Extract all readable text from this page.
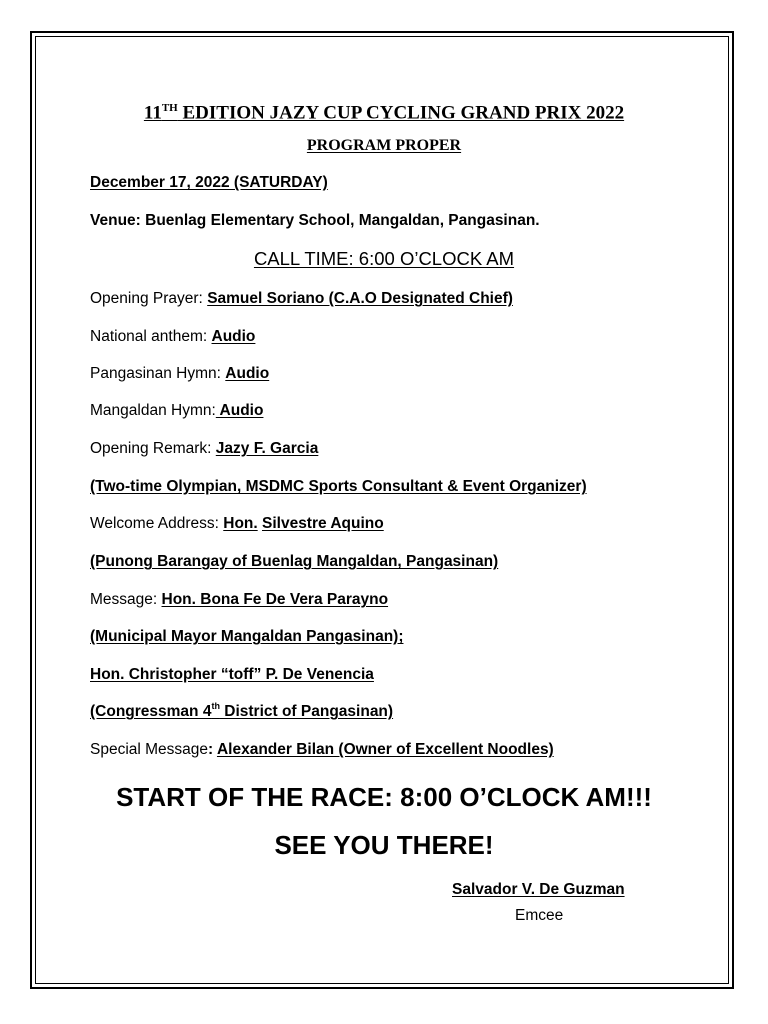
11TH EDITION JAZY CUP CYCLING GRAND PRIX 2022
PROGRAM PROPER
December 17, 2022 (SATURDAY)
Venue: Buenlag Elementary School, Mangaldan, Pangasinan.
CALL TIME: 6:00 O’CLOCK AM
Opening Prayer: Samuel Soriano (C.A.O Designated Chief)
National anthem: Audio
Pangasinan Hymn: Audio
Mangaldan Hymn: Audio
Opening Remark: Jazy F. Garcia
(Two-time Olympian, MSDMC Sports Consultant & Event Organizer)
Welcome Address: Hon. Silvestre Aquino
(Punong Barangay of Buenlag Mangaldan, Pangasinan)
Message: Hon. Bona Fe De Vera Parayno
(Municipal Mayor Mangaldan Pangasinan);
Hon. Christopher “toff” P. De Venencia
(Congressman 4th District of Pangasinan)
Special Message: Alexander Bilan (Owner of Excellent Noodles)
START OF THE RACE: 8:00 O’CLOCK AM!!!
SEE YOU THERE!
Salvador V. De Guzman
Emcee
